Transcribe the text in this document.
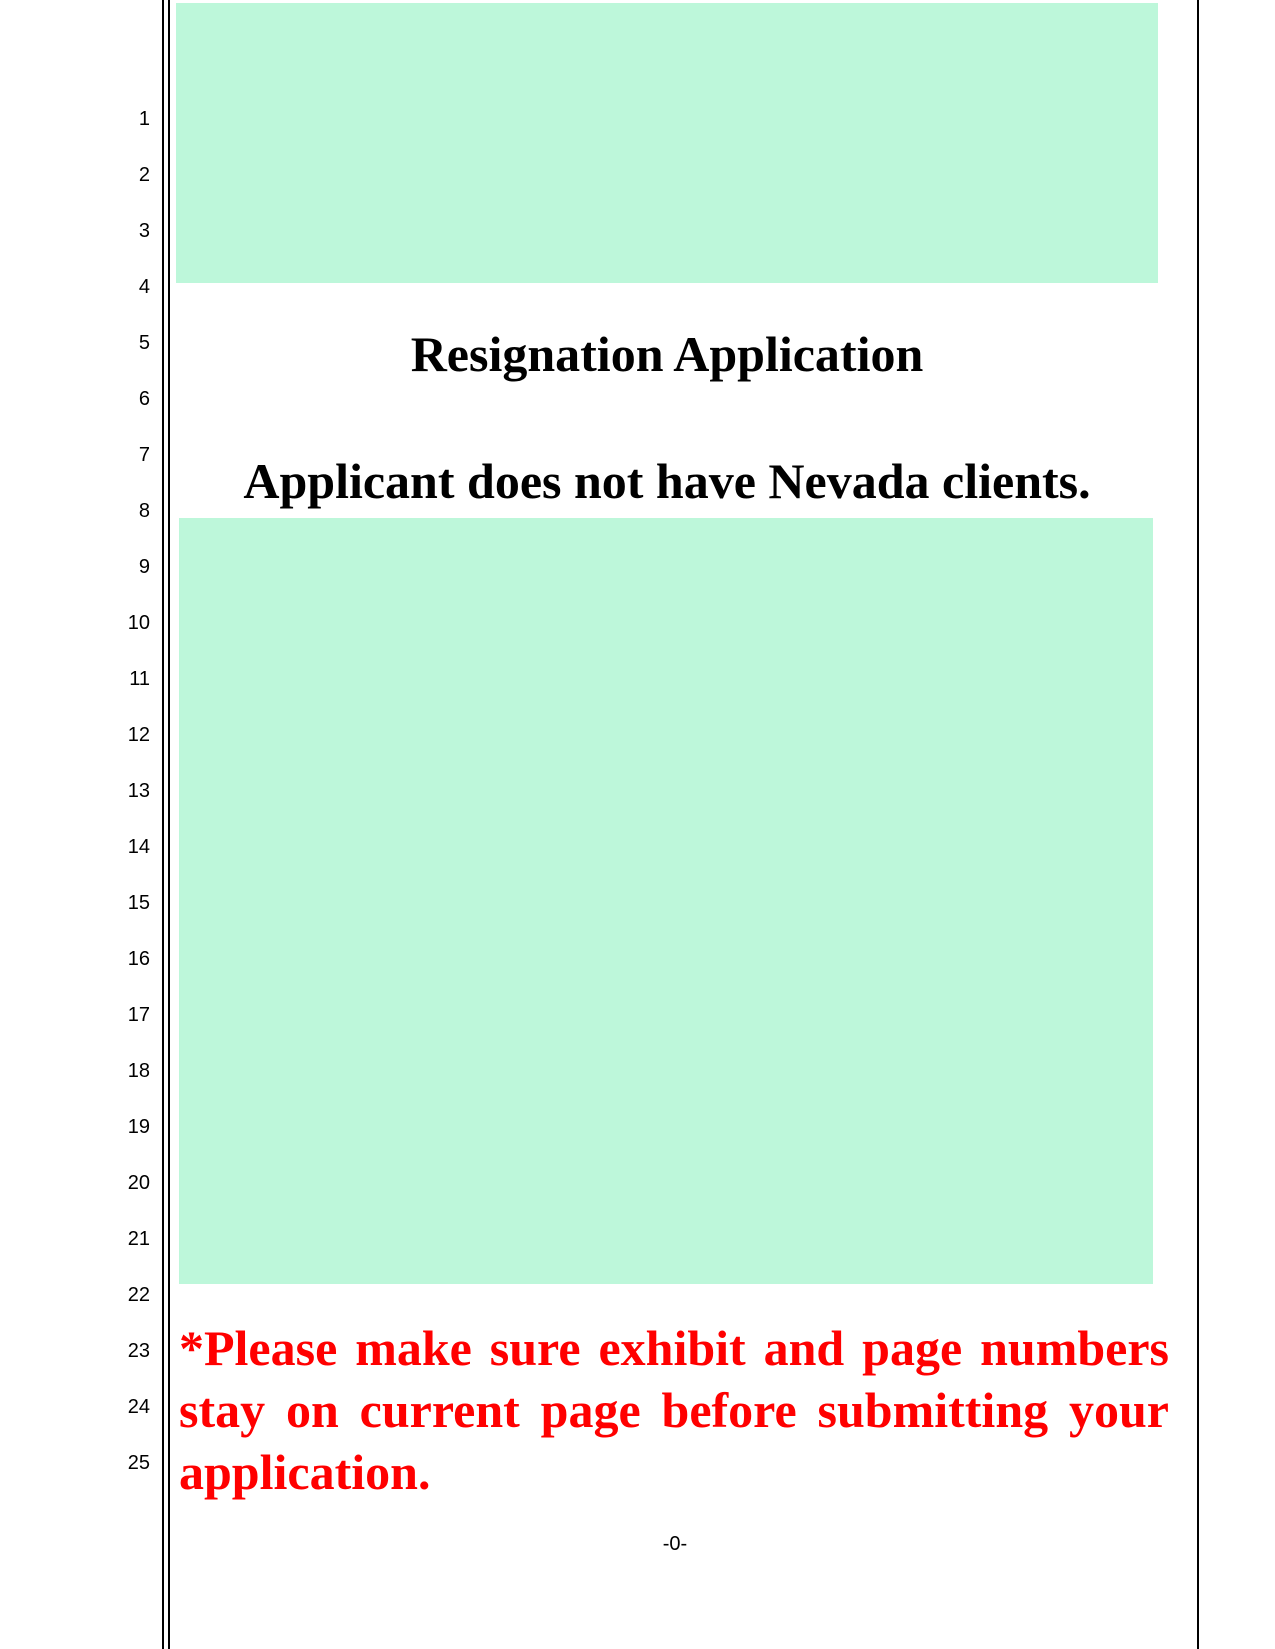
1
2
3
4
5
6
7
8
9
10
11
12
13
14
15
16
17
18
19
20
21
22
23
24
25
Resignation Application
Applicant does not have Nevada clients.

*Please make sure exhibit and page numbers stay on current page before submitting your application.

-0-
